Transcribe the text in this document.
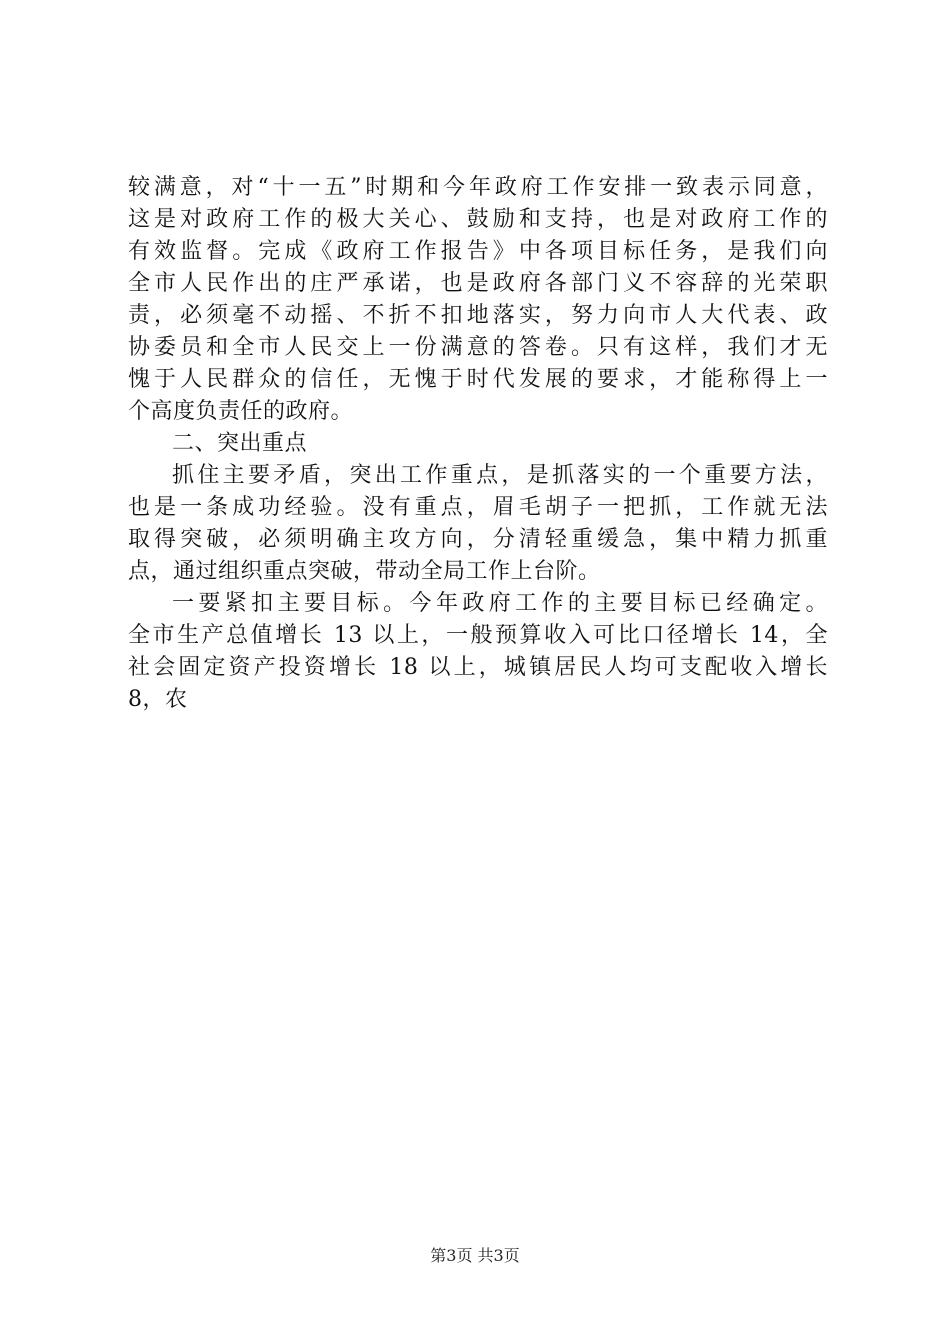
较满意，对“十一五”时期和今年政府工作安排一致表示同意，
这是对政府工作的极大关心、鼓励和支持，也是对政府工作的
有效监督。完成《政府工作报告》中各项目标任务，是我们向
全市人民作出的庄严承诺，也是政府各部门义不容辞的光荣职
责，必须毫不动摇、不折不扣地落实，努力向市人大代表、政
协委员和全市人民交上一份满意的答卷。只有这样，我们才无
愧于人民群众的信任，无愧于时代发展的要求，才能称得上一
个高度负责任的政府。
二、突出重点
抓住主要矛盾，突出工作重点，是抓落实的一个重要方法，
也是一条成功经验。没有重点，眉毛胡子一把抓，工作就无法
取得突破，必须明确主攻方向，分清轻重缓急，集中精力抓重
点，通过组织重点突破，带动全局工作上台阶。
一要紧扣主要目标。今年政府工作的主要目标已经确定。
全市生产总值增长 13 以上，一般预算收入可比口径增长 14，全
社会固定资产投资增长 18 以上，城镇居民人均可支配收入增长
8，农
第3页 共3页
